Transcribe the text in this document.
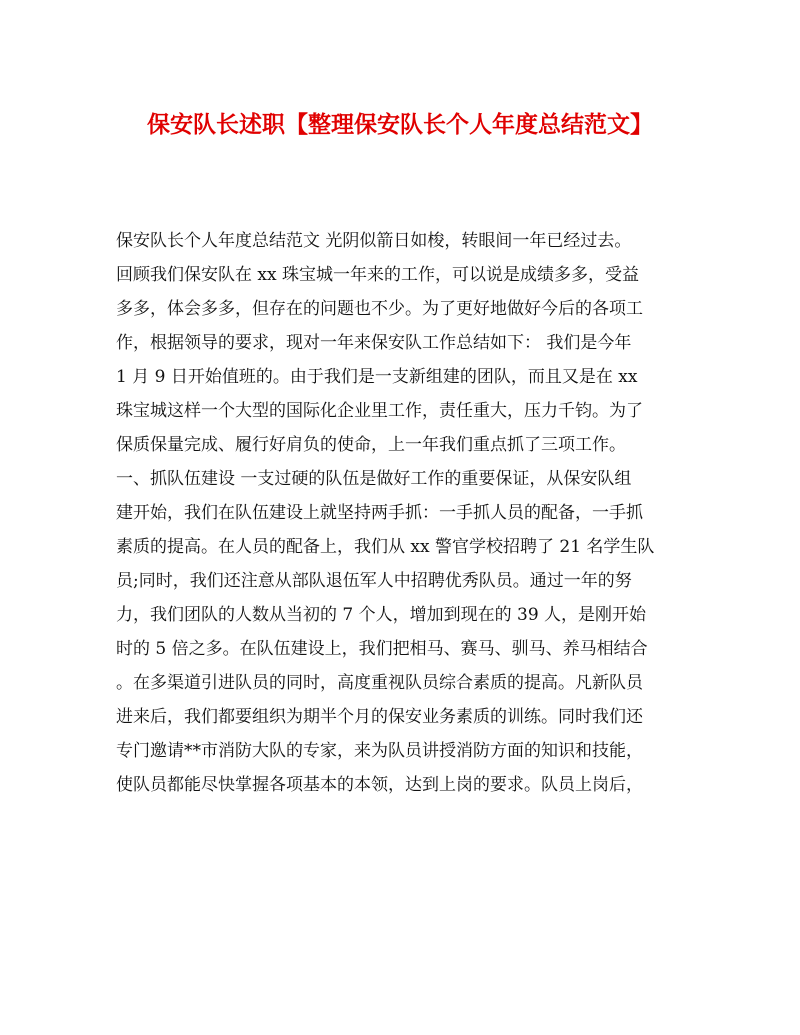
保安队长述职【整理保安队长个人年度总结范文】
保安队长个人年度总结范文 光阴似箭日如梭，转眼间一年已经过去。
回顾我们保安队在 xx 珠宝城一年来的工作，可以说是成绩多多，受益
多多，体会多多，但存在的问题也不少。为了更好地做好今后的各项工
作，根据领导的要求，现对一年来保安队工作总结如下： 我们是今年
1 月 9 日开始值班的。由于我们是一支新组建的团队，而且又是在 xx
珠宝城这样一个大型的国际化企业里工作，责任重大，压力千钧。为了
保质保量完成、履行好肩负的使命，上一年我们重点抓了三项工作。
一、抓队伍建设 一支过硬的队伍是做好工作的重要保证，从保安队组
建开始，我们在队伍建设上就坚持两手抓：一手抓人员的配备，一手抓
素质的提高。在人员的配备上，我们从 xx 警官学校招聘了 21 名学生队
员;同时，我们还注意从部队退伍军人中招聘优秀队员。通过一年的努
力，我们团队的人数从当初的 7 个人，增加到现在的 39 人，是刚开始
时的 5 倍之多。在队伍建设上，我们把相马、赛马、驯马、养马相结合
。在多渠道引进队员的同时，高度重视队员综合素质的提高。凡新队员
进来后，我们都要组织为期半个月的保安业务素质的训练。同时我们还
专门邀请**市消防大队的专家，来为队员讲授消防方面的知识和技能，
使队员都能尽快掌握各项基本的本领，达到上岗的要求。队员上岗后，
